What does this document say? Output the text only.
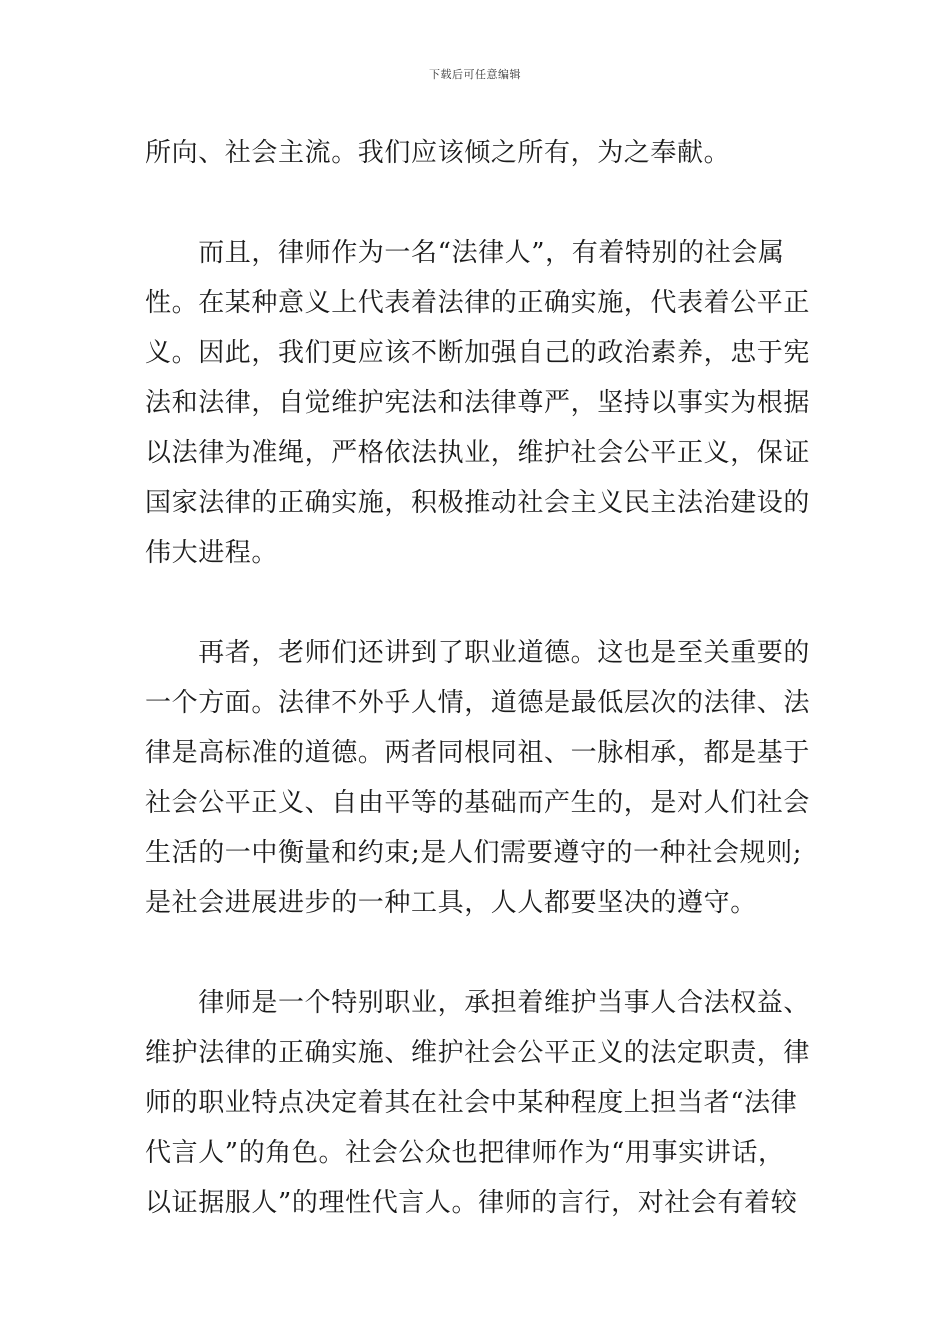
下载后可任意编辑
所向、社会主流。我们应该倾之所有，为之奉献。
　　而且，律师作为一名“法律人”，有着特别的社会属
性。在某种意义上代表着法律的正确实施，代表着公平正
义。因此，我们更应该不断加强自己的政治素养，忠于宪
法和法律，自觉维护宪法和法律尊严，坚持以事实为根据
以法律为准绳，严格依法执业，维护社会公平正义，保证
国家法律的正确实施，积极推动社会主义民主法治建设的
伟大进程。
　　再者，老师们还讲到了职业道德。这也是至关重要的
一个方面。法律不外乎人情，道德是最低层次的法律、法
律是高标准的道德。两者同根同祖、一脉相承，都是基于
社会公平正义、自由平等的基础而产生的，是对人们社会
生活的一中衡量和约束;是人们需要遵守的一种社会规则;
是社会进展进步的一种工具，人人都要坚决的遵守。
　　律师是一个特别职业，承担着维护当事人合法权益、
维护法律的正确实施、维护社会公平正义的法定职责，律
师的职业特点决定着其在社会中某种程度上担当者“法律
代言人”的角色。社会公众也把律师作为“用事实讲话，
以证据服人”的理性代言人。律师的言行，对社会有着较
